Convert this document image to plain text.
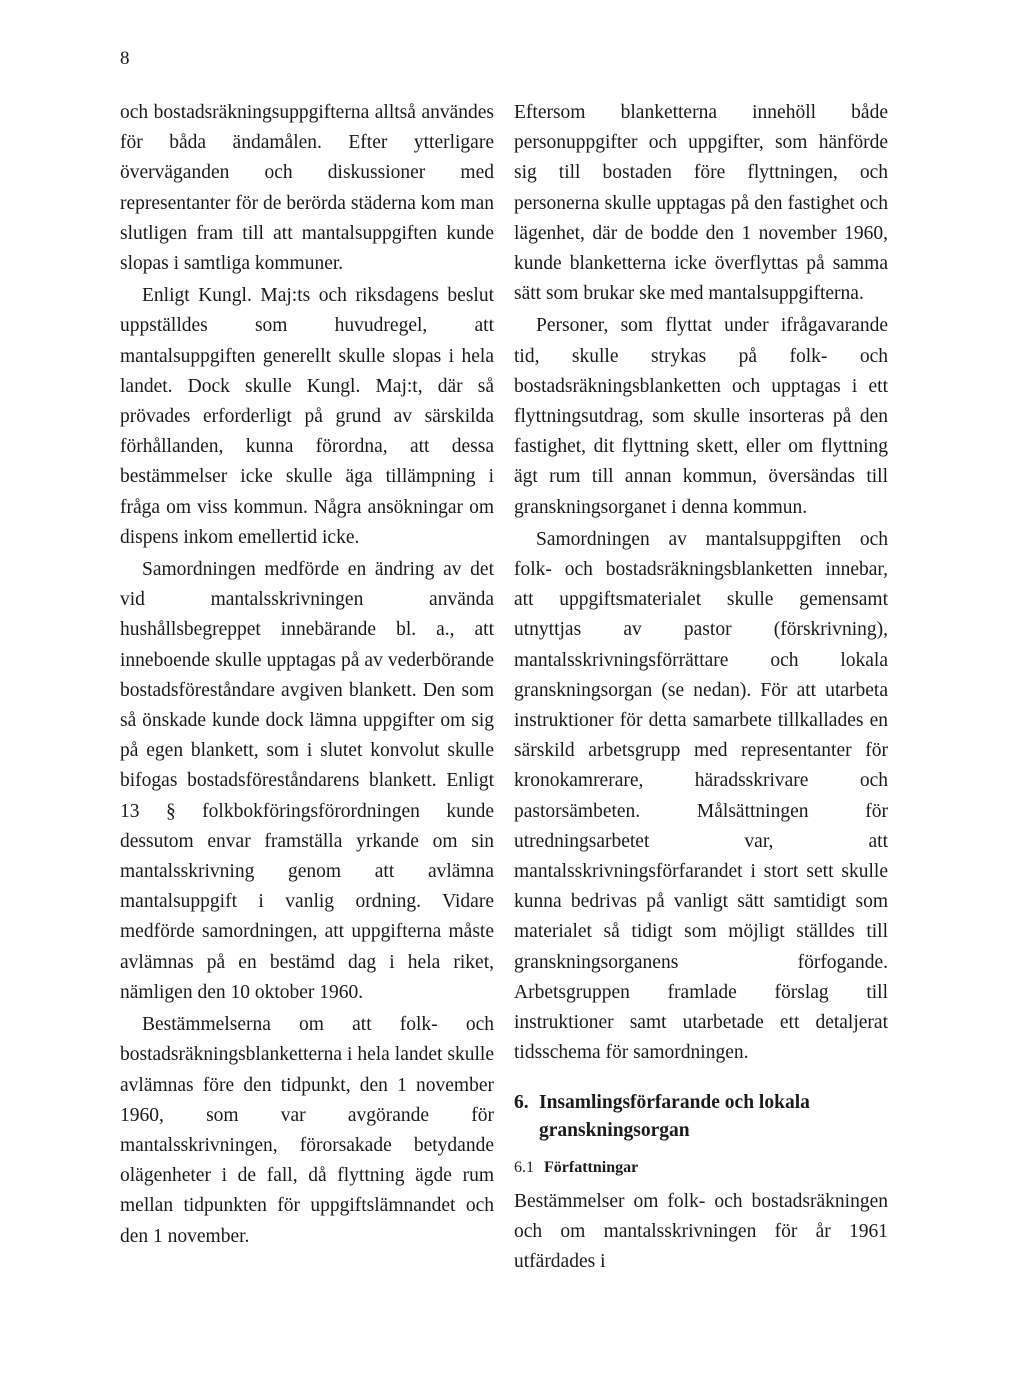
8

och bostadsräkningsuppgifterna alltså användes för båda ändamålen. Efter ytterligare överväganden och diskussioner med representanter för de berörda städerna kom man slutligen fram till att mantalsuppgiften kunde slopas i samtliga kommuner.

Enligt Kungl. Maj:ts och riksdagens beslut uppställdes som huvudregel, att mantalsuppgiften generellt skulle slopas i hela landet. Dock skulle Kungl. Maj:t, där så prövades erforderligt på grund av särskilda förhållanden, kunna förordna, att dessa bestämmelser icke skulle äga tillämpning i fråga om viss kommun. Några ansökningar om dispens inkom emellertid icke.

Samordningen medförde en ändring av det vid mantalsskrivningen använda hushållsbegreppet innebärande bl. a., att inneboende skulle upptagas på av vederbörande bostadsföreståndare avgiven blankett. Den som så önskade kunde dock lämna uppgifter om sig på egen blankett, som i slutet konvolut skulle bifogas bostadsföreståndarens blankett. Enligt 13 § folkbokföringsförordningen kunde dessutom envar framställa yrkande om sin mantalsskrivning genom att avlämna mantalsuppgift i vanlig ordning. Vidare medförde samordningen, att uppgifterna måste avlämnas på en bestämd dag i hela riket, nämligen den 10 oktober 1960.

Bestämmelserna om att folk- och bostadsräkningsblanketterna i hela landet skulle avlämnas före den tidpunkt, den 1 november 1960, som var avgörande för mantalsskrivningen, förorsakade betydande olägenheter i de fall, då flyttning ägde rum mellan tidpunkten för uppgiftslämnandet och den 1 november.

Eftersom blanketterna innehöll både personuppgifter och uppgifter, som hänförde sig till bostaden före flyttningen, och personerna skulle upptagas på den fastighet och lägenhet, där de bodde den 1 november 1960, kunde blanketterna icke överflyttas på samma sätt som brukar ske med mantalsuppgifterna.

Personer, som flyttat under ifrågavarande tid, skulle strykas på folk- och bostadsräkningsblanketten och upptagas i ett flyttningsutdrag, som skulle insorteras på den fastighet, dit flyttning skett, eller om flyttning ägt rum till annan kommun, översändas till granskningsorganet i denna kommun.

Samordningen av mantalsuppgiften och folk- och bostadsräkningsblanketten innebar, att uppgiftsmaterialet skulle gemensamt utnyttjas av pastor (förskrivning), mantalsskrivningsförrättare och lokala granskningsorgan (se nedan). För att utarbeta instruktioner för detta samarbete tillkallades en särskild arbetsgrupp med representanter för kronokamrerare, häradsskrivare och pastorsämbeten. Målsättningen för utredningsarbetet var, att mantalsskrivningsförfarandet i stort sett skulle kunna bedrivas på vanligt sätt samtidigt som materialet så tidigt som möjligt ställdes till granskningsorganens förfogande. Arbetsgruppen framlade förslag till instruktioner samt utarbetade ett detaljerat tidsschema för samordningen.

6. Insamlingsförfarande och lokala granskningsorgan
6.1 Författningar

Bestämmelser om folk- och bostadsräkningen och om mantalsskrivningen för år 1961 utfärdades i
